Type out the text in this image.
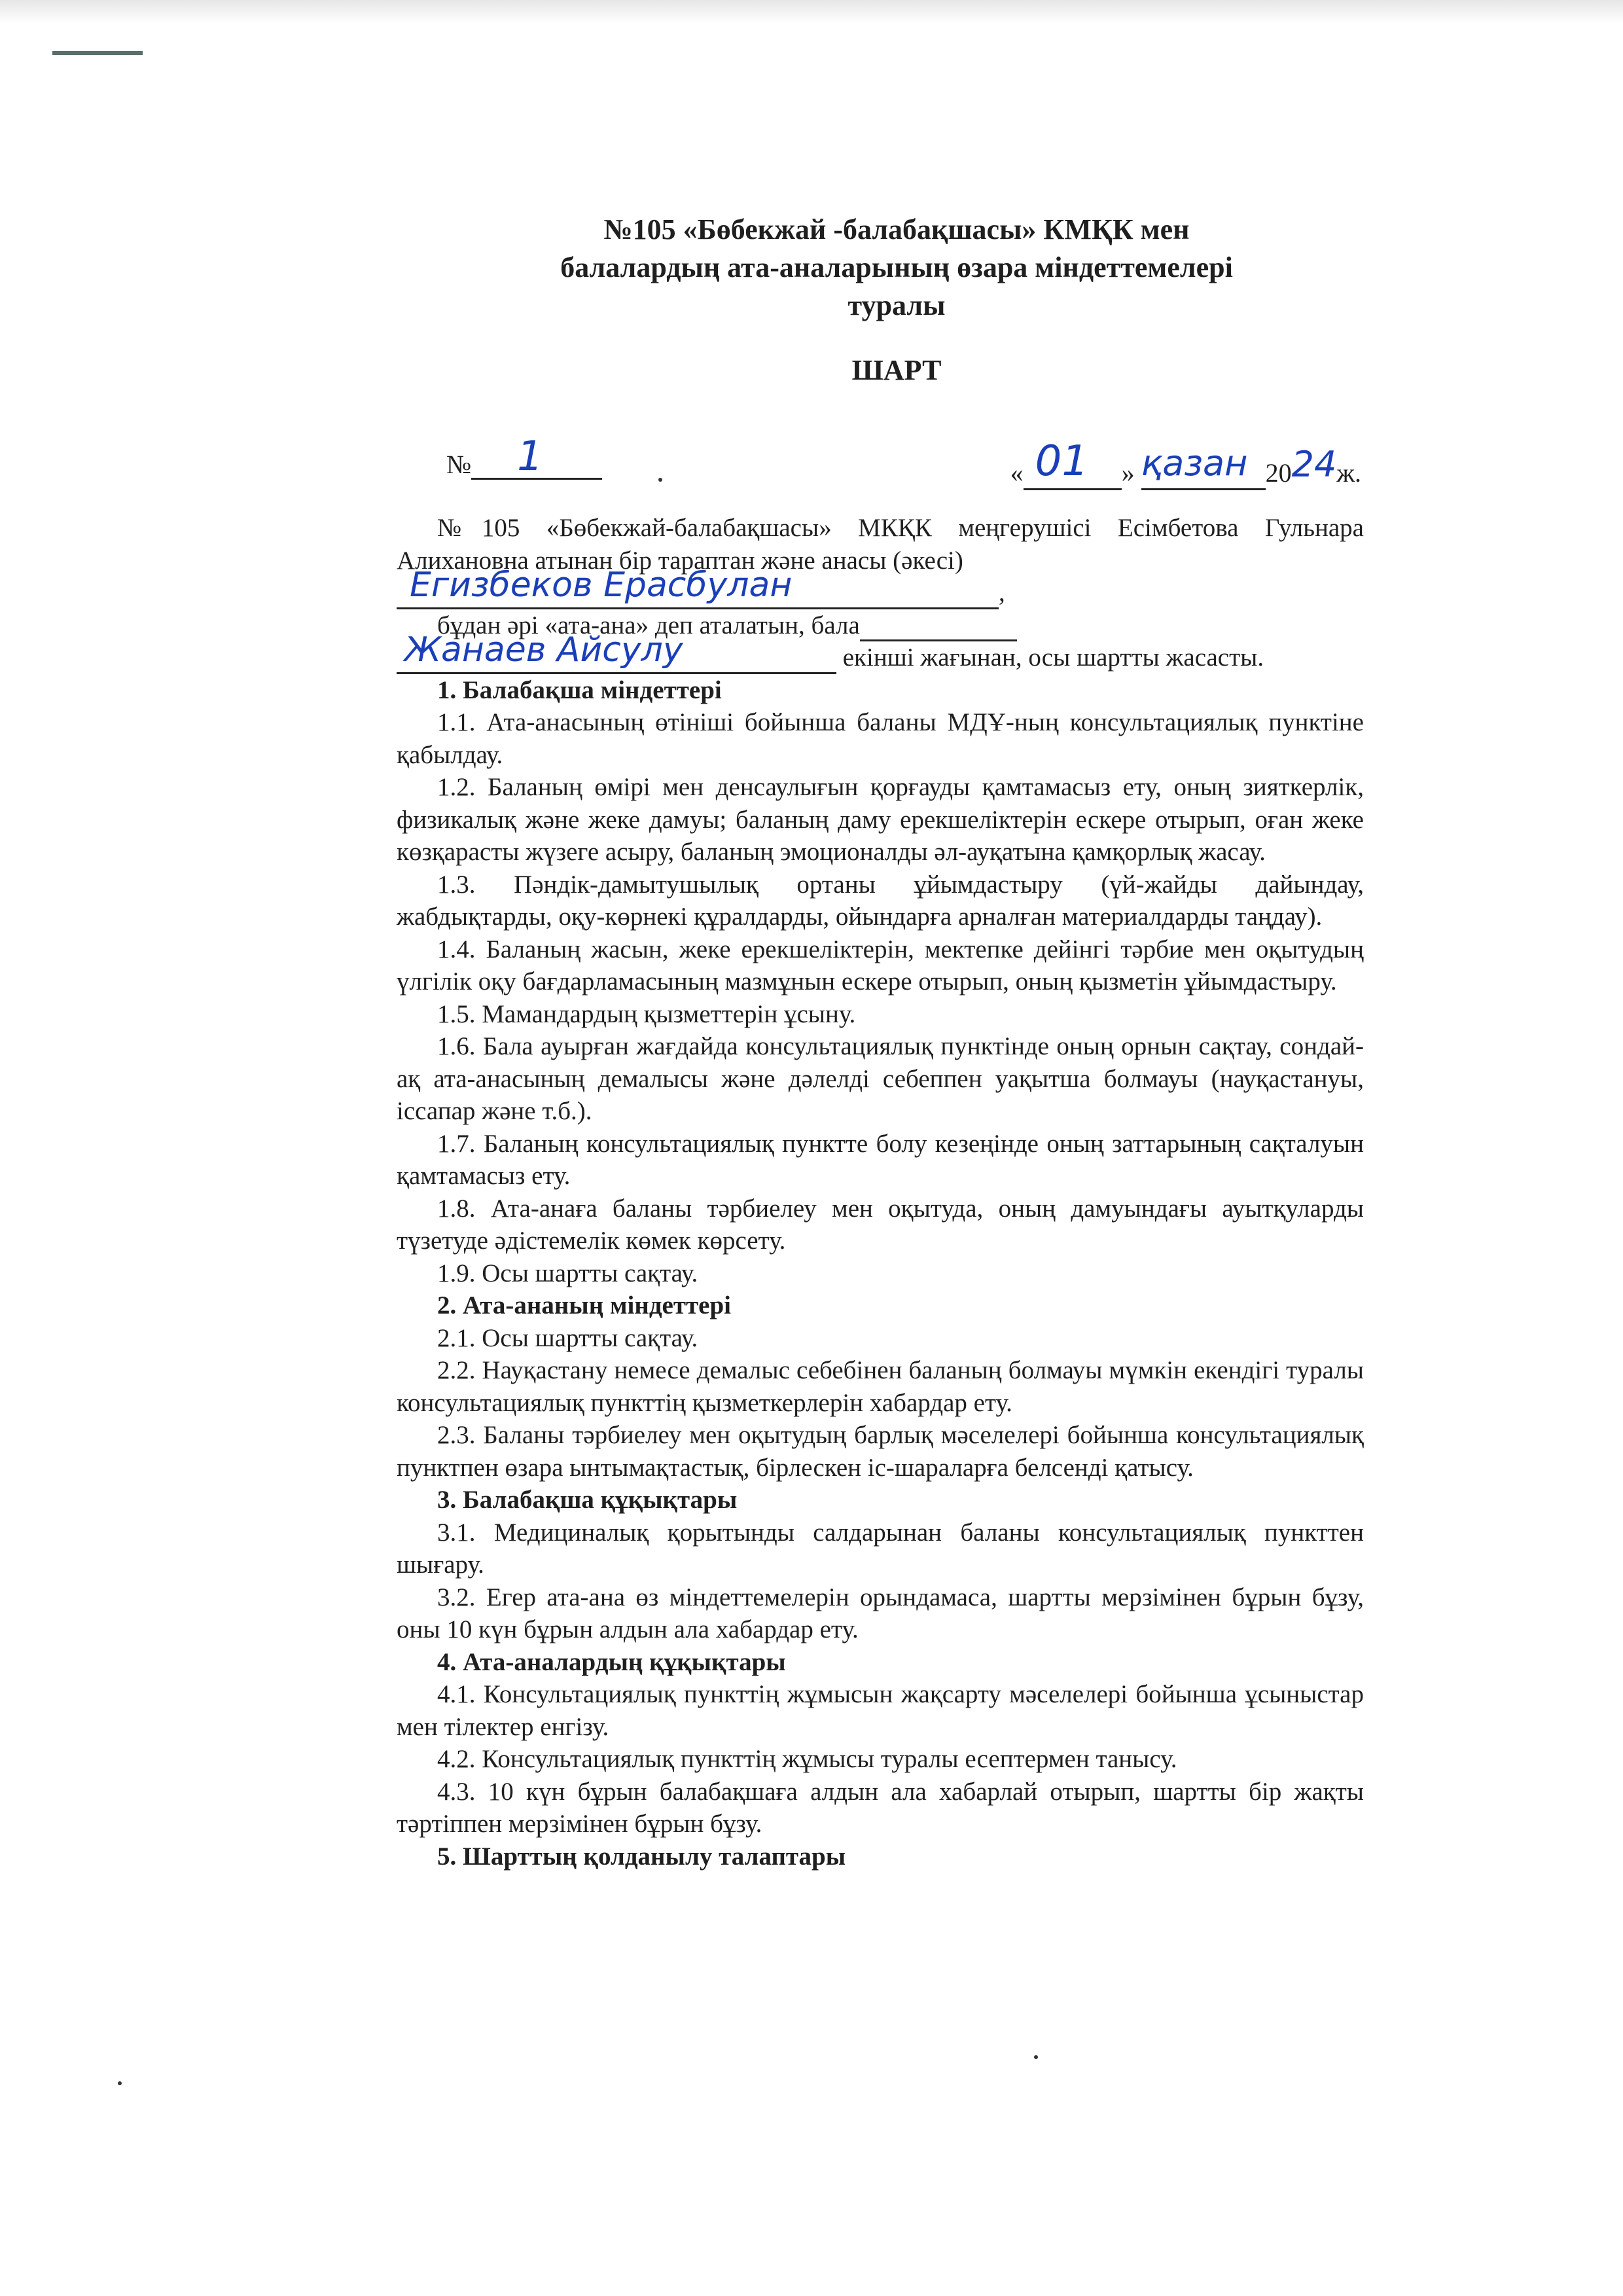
№105 «Бөбекжай -балабақшасы» КМҚК мен
балалардың ата-аналарының өзара міндеттемелері
туралы
ШАРТ
№ 1	« 01 » қазан 2024ж.

№105 «Бөбекжай-балабақшасы» МКҚК меңгерушісі Есімбетова Гульнара Алихановна атынан бір тараптан және анасы (әкесі)

Егизбеков Ерасбулан	,

бұдан әрі «ата-ана» деп аталатын, бала

Жанаев Айсулу	екінші жағынан, осы шартты жасасты.

1. Балабақша міндеттері

1.1. Ата-анасының өтініші бойынша баланы МДҰ-ның консультациялық пунктіне қабылдау.

1.2. Баланың өмірі мен денсаулығын қорғауды қамтамасыз ету, оның зияткерлік, физикалық және жеке дамуы; баланың даму ерекшеліктерін ескере отырып, оған жеке көзқарасты жүзеге асыру, баланың эмоционалды әл-ауқатына қамқорлық жасау.

1.3. Пәндік-дамытушылық ортаны ұйымдастыру (үй-жайды дайындау, жабдықтарды, оқу-көрнекі құралдарды, ойындарға арналған материалдарды таңдау).

1.4. Баланың жасын, жеке ерекшеліктерін, мектепке дейінгі тәрбие мен оқытудың үлгілік оқу бағдарламасының мазмұнын ескере отырып, оның қызметін ұйымдастыру.

1.5. Мамандардың қызметтерін ұсыну.

1.6. Бала ауырған жағдайда консультациялық пунктінде оның орнын сақтау, сондай-ақ ата-анасының демалысы және дәлелді себеппен уақытша болмауы (науқастануы, іссапар және т.б.).

1.7. Баланың консультациялық пунктте болу кезеңінде оның заттарының сақталуын қамтамасыз ету.

1.8. Ата-анаға баланы тәрбиелеу мен оқытуда, оның дамуындағы ауытқуларды түзетуде әдістемелік көмек көрсету.

1.9. Осы шартты сақтау.

2. Ата-ананың міндеттері

2.1. Осы шартты сақтау.

2.2. Науқастану немесе демалыс себебінен баланың болмауы мүмкін екендігі туралы консультациялық пункттің қызметкерлерін хабардар ету.

2.3. Баланы тәрбиелеу мен оқытудың барлық мәселелері бойынша консультациялық пунктпен өзара ынтымақтастық, бірлескен іс-шараларға белсенді қатысу.

3. Балабақша құқықтары

3.1. Медициналық қорытынды салдарынан баланы консультациялық пункттен шығару.

3.2. Егер ата-ана өз міндеттемелерін орындамаса, шартты мерзімінен бұрын бұзу, оны 10 күн бұрын алдын ала хабардар ету.

4. Ата-аналардың құқықтары

4.1. Консультациялық пункттің жұмысын жақсарту мәселелері бойынша ұсыныстар мен тілектер енгізу.

4.2. Консультациялық пункттің жұмысы туралы есептермен танысу.

4.3. 10 күн бұрын балабақшаға алдын ала хабарлай отырып, шартты бір жақты тәртіппен мерзімінен бұрын бұзу.

5. Шарттың қолданылу талаптары
